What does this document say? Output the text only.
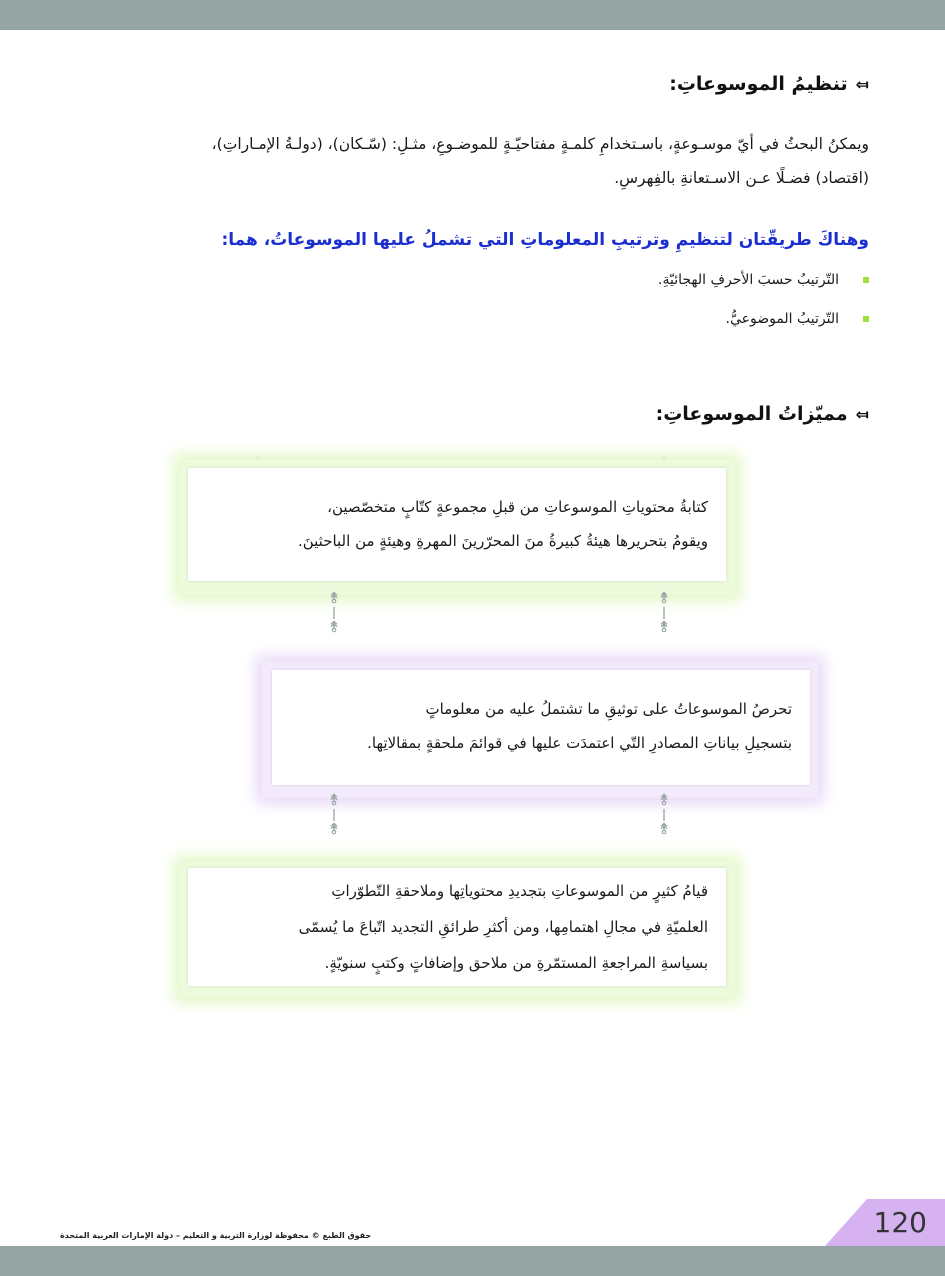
⤆
تنظيمُ الموسوعاتِ:
ويمكنُ البحثُ في أيّ موسـوعةٍ، باسـتخدامِ كلمـةٍ مفتاحيّـةٍ للموضـوعِ، مثـلِ: (سّـكان)، (دولـةُ الإمـاراتِ)،
(اقتصاد) فضـلًا عـن الاسـتعانةِ بالفِهرسِ.
وهناكَ طريقّتان لتنظيمِ وترتيبِ المعلوماتِ التي تشملُ عليها الموسوعاتُ، هما:
التّرتيبُ حسبَ الأحرفِ الهجائيّةِ.
التّرتيبُ الموضوعيُّ.
⤆
مميّزاتُ الموسوعاتِ:
كتابةُ محتوياتِ الموسوعاتِ من قبلِ مجموعةٍ كتّابٍ متخصّصين،
ويقومُ بتحريرها هيئةُ كبيرةُ منَ المحرّرينَ المهرةِ وهيئةٍ من الباحثينَ.
⥉
⥉
⥉
⥉
تحرصُ الموسوعاتُ على توثيقِ ما تشتملُ عليه من معلوماتٍ
بتسجيلِ بياناتِ المصادرِ التّي اعتمدَت عليها في قوائمَ ملحقةٍ بمقالاتِها.
⥉
⥉
⥉
⥉
قيامُ كثيرٍ من الموسوعاتِ بتجديدِ محتوياتِها وملاحقةِ التّطوّراتِ
العلميّةِ في مجالِ اهتمامِها، ومن أكثرِ طرائقِ التجديد اتّباعَ ما يُسمّى
بسياسةِ المراجعةِ المستمّرةِ من ملاحق وإضافاتٍ وكتبٍ سنويّةٍ.
حقوق الطبع © محفوظة لوزارة التربية و التعليم – دولة الإمارات العربية المتحدة	120
